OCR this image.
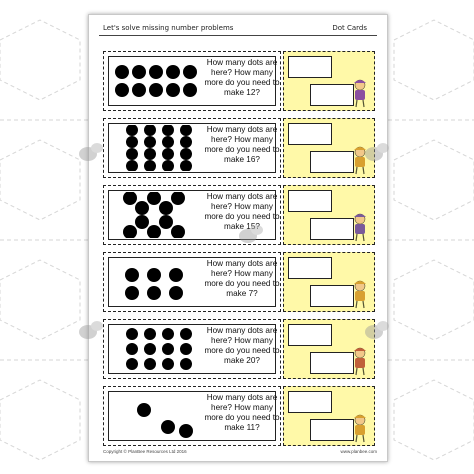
Let's solve missing number problems	Dot Cards
How many dots are here? How many more do you need to make 12?
How many dots are here? How many more do you need to make 16?
How many dots are here? How many more do you need to make 15?
How many dots are here? How many more do you need to make 7?
How many dots are here? How many more do you need to make 20?
How many dots are here? How many more do you need to make 11?
Copyright © PlanBee Resources Ltd 2016	www.planbee.com
